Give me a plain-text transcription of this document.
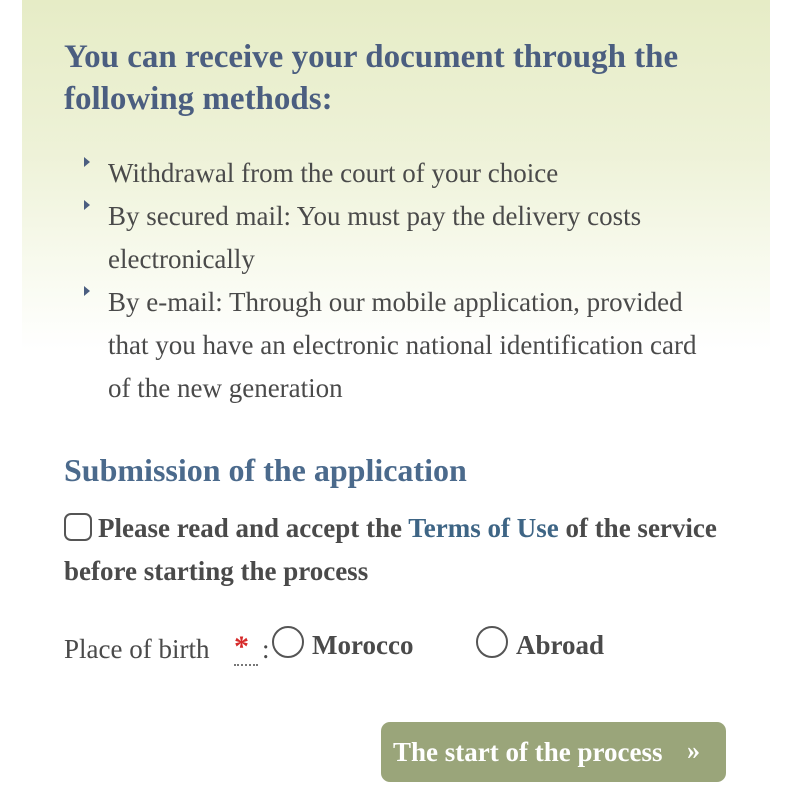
You can receive your document through the following methods:
Withdrawal from the court of your choice
By secured mail: You must pay the delivery costs electronically
By e-mail: Through our mobile application, provided that you have an electronic national identification card of the new generation
Submission of the application
Please read and accept the Terms of Use of the service before starting the process
Place of birth * : Morocco	Abroad
The start of the process »
